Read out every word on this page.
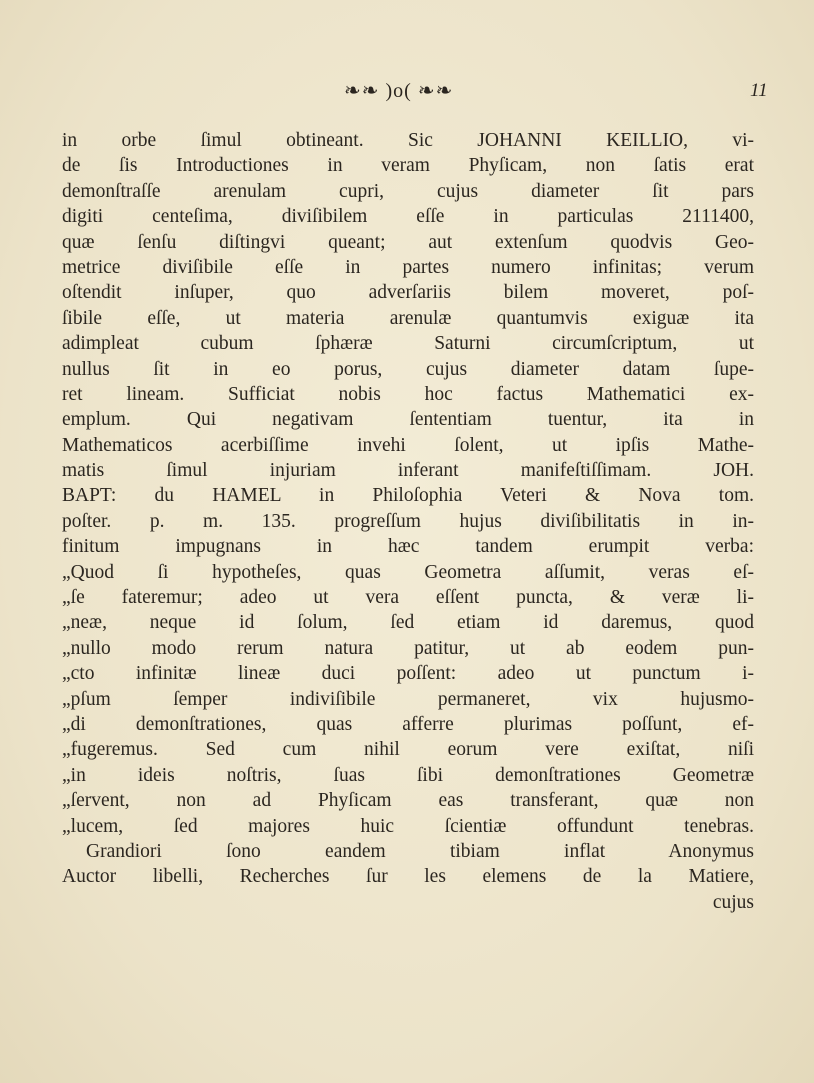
❧❧ )o( ❧❧	11
in orbe ſimul obtineant. Sic JOHANNI KEILLIO, vi-
de ſis Introductiones in veram Phyſicam, non ſatis erat
demonſtraſſe arenulam cupri, cujus diameter ſit pars
digiti centeſima, diviſibilem eſſe in particulas 2111400,
quæ ſenſu diſtingvi queant; aut extenſum quodvis Geo-
metrice diviſibile eſſe in partes numero infinitas; verum
oſtendit inſuper, quo adverſariis bilem moveret, poſ-
ſibile eſſe, ut materia arenulæ quantumvis exiguæ ita
adimpleat cubum ſphæræ Saturni circumſcriptum, ut
nullus ſit in eo porus, cujus diameter datam ſupe-
ret lineam. Sufficiat nobis hoc factus Mathematici ex-
emplum. Qui negativam ſententiam tuentur, ita in
Mathematicos acerbiſſime invehi ſolent, ut ipſis Mathe-
matis ſimul injuriam inferant manifeſtiſſimam. JOH.
BAPT: du HAMEL in Philoſophia Veteri & Nova tom.
poſter. p. m. 135. progreſſum hujus diviſibilitatis in in-
finitum impugnans in hæc tandem erumpit verba:
„Quod ſi hypotheſes, quas Geometra aſſumit, veras eſ-
„ſe fateremur; adeo ut vera eſſent puncta, & veræ li-
„neæ, neque id ſolum, ſed etiam id daremus, quod
„nullo modo rerum natura patitur, ut ab eodem pun-
„cto infinitæ lineæ duci poſſent: adeo ut punctum i-
„pſum ſemper indiviſibile permaneret, vix hujusmo-
„di demonſtrationes, quas afferre plurimas poſſunt, ef-
„fugeremus. Sed cum nihil eorum vere exiſtat, niſi
„in ideis noſtris, ſuas ſibi demonſtrationes Geometræ
„ſervent, non ad Phyſicam eas transferant, quæ non
„lucem, ſed majores huic ſcientiæ offundunt tenebras.
Grandiori ſono eandem tibiam inflat Anonymus
Auctor libelli, Recherches ſur les elemens de la Matiere,
cujus
